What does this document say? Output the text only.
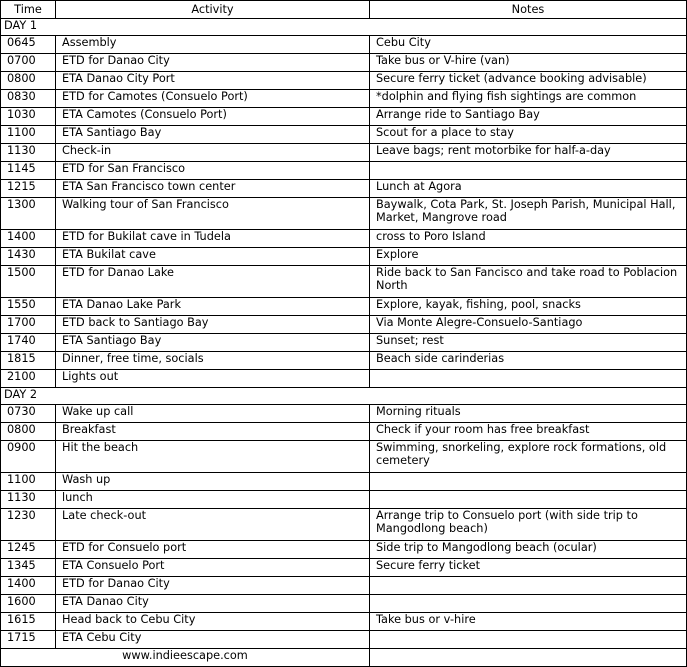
Time	Activity	Notes
DAY 1		
0645	Assembly	Cebu City
0700	ETD for Danao City	Take bus or V-hire (van)
0800	ETA Danao City Port	Secure ferry ticket (advance booking advisable)
0830	ETD for Camotes (Consuelo Port)	*dolphin and flying fish sightings are common
1030	ETA Camotes (Consuelo Port)	Arrange ride to Santiago Bay
1100	ETA Santiago Bay	Scout for a place to stay
1130	Check-in	Leave bags; rent motorbike for half-a-day
1145	ETD for San Francisco	
1215	ETA San Francisco town center	Lunch at Agora
1300	Walking tour of San Francisco	Baywalk, Cota Park, St. Joseph Parish, Municipal Hall, Market, Mangrove road
1400	ETD for Bukilat cave in Tudela	cross to Poro Island
1430	ETA Bukilat cave	Explore
1500	ETD for Danao Lake	Ride back to San Fancisco and take road to Poblacion North
1550	ETA Danao Lake Park	Explore, kayak, fishing, pool, snacks
1700	ETD back to Santiago Bay	Via Monte Alegre-Consuelo-Santiago
1740	ETA Santiago Bay	Sunset; rest
1815	Dinner, free time, socials	Beach side carinderias
2100	Lights out	
DAY 2		
0730	Wake up call	Morning rituals
0800	Breakfast	Check if your room has free breakfast
0900	Hit the beach	Swimming, snorkeling, explore rock formations, old cemetery
1100	Wash up	
1130	lunch	
1230	Late check-out	Arrange trip to Consuelo port (with side trip to Mangodlong beach)
1245	ETD for Consuelo port	Side trip to Mangodlong beach (ocular)
1345	ETA Consuelo Port	Secure ferry ticket
1400	ETD for Danao City	
1600	ETA Danao City	
1615	Head back to Cebu City	Take bus or v-hire
1715	ETA Cebu City	
www.indieescape.com		
